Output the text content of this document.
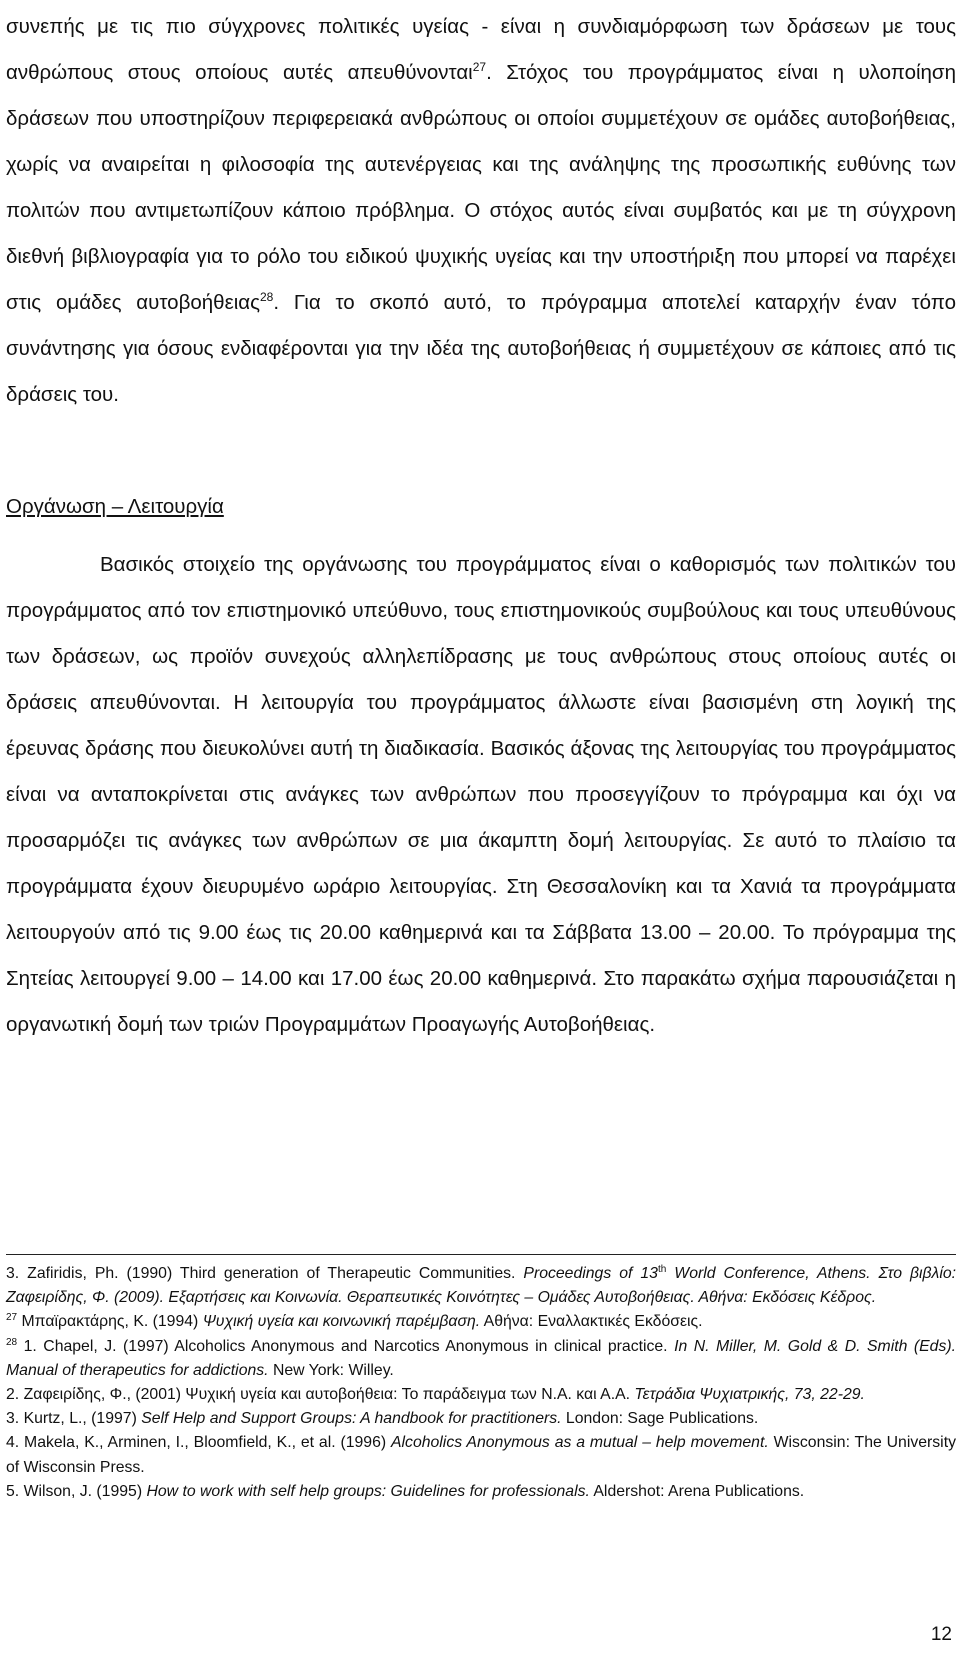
συνεπής με τις πιο σύγχρονες πολιτικές υγείας - είναι η συνδιαμόρφωση των δράσεων με τους ανθρώπους στους οποίους αυτές απευθύνονται$^{27}$. Στόχος του προγράμματος είναι η υλοποίηση δράσεων που υποστηρίζουν περιφερειακά ανθρώπους οι οποίοι συμμετέχουν σε ομάδες αυτοβοήθειας, χωρίς να αναιρείται η φιλοσοφία της αυτενέργειας και της ανάληψης της προσωπικής ευθύνης των πολιτών που αντιμετωπίζουν κάποιο πρόβλημα. Ο στόχος αυτός είναι συμβατός και με τη σύγχρονη διεθνή βιβλιογραφία για το ρόλο του ειδικού ψυχικής υγείας και την υποστήριξη που μπορεί να παρέχει στις ομάδες αυτοβοήθειας$^{28}$. Για το σκοπό αυτό, το πρόγραμμα αποτελεί καταρχήν έναν τόπο συνάντησης για όσους ενδιαφέρονται για την ιδέα της αυτοβοήθειας ή συμμετέχουν σε κάποιες από τις δράσεις του.

Οργάνωση – Λειτουργία

Βασικός στοιχείο της οργάνωσης του προγράμματος είναι ο καθορισμός των πολιτικών του προγράμματος από τον επιστημονικό υπεύθυνο, τους επιστημονικούς συμβούλους και τους υπευθύνους των δράσεων, ως προϊόν συνεχούς αλληλεπίδρασης με τους ανθρώπους στους οποίους αυτές οι δράσεις απευθύνονται. Η λειτουργία του προγράμματος άλλωστε είναι βασισμένη στη λογική της έρευνας δράσης που διευκολύνει αυτή τη διαδικασία. Βασικός άξονας της λειτουργίας του προγράμματος είναι να ανταποκρίνεται στις ανάγκες των ανθρώπων που προσεγγίζουν το πρόγραμμα και όχι να προσαρμόζει τις ανάγκες των ανθρώπων σε μια άκαμπτη δομή λειτουργίας. Σε αυτό το πλαίσιο τα προγράμματα έχουν διευρυμένο ωράριο λειτουργίας. Στη Θεσσαλονίκη και τα Χανιά τα προγράμματα λειτουργούν από τις 9.00 έως τις 20.00 καθημερινά και τα Σάββατα 13.00 – 20.00. Το πρόγραμμα της Σητείας λειτουργεί 9.00 – 14.00 και 17.00 έως 20.00 καθημερινά. Στο παρακάτω σχήμα παρουσιάζεται η οργανωτική δομή των τριών Προγραμμάτων Προαγωγής Αυτοβοήθειας.

3. Zafiridis, Ph. (1990) Third generation of Therapeutic Communities. Proceedings of 13th World Conference, Athens. Στο βιβλίο: Ζαφειρίδης, Φ. (2009). Εξαρτήσεις και Κοινωνία. Θεραπευτικές Κοινότητες – Ομάδες Αυτοβοήθειας. Αθήνα: Εκδόσεις Κέδρος.

$^{27}$ Μπαϊρακτάρης, Κ. (1994) Ψυχική υγεία και κοινωνική παρέμβαση. Αθήνα: Εναλλακτικές Εκδόσεις.

$^{28}$ 1. Chapel, J. (1997) Alcoholics Anonymous and Narcotics Anonymous in clinical practice. In N. Miller, M. Gold & D. Smith (Eds). Manual of therapeutics for addictions. New York: Willey.

2. Ζαφειρίδης, Φ., (2001) Ψυχική υγεία και αυτοβοήθεια: Το παράδειγμα των Ν.Α. και Α.Α. Τετράδια Ψυχιατρικής, 73, 22-29.

3. Kurtz, L., (1997) Self Help and Support Groups: A handbook for practitioners. London: Sage Publications.

4. Makela, K., Arminen, I., Bloomfield, K., et al. (1996) Alcoholics Anonymous as a mutual – help movement. Wisconsin: The University of Wisconsin Press.

5. Wilson, J. (1995) How to work with self help groups: Guidelines for professionals. Aldershot: Arena Publications.

12
